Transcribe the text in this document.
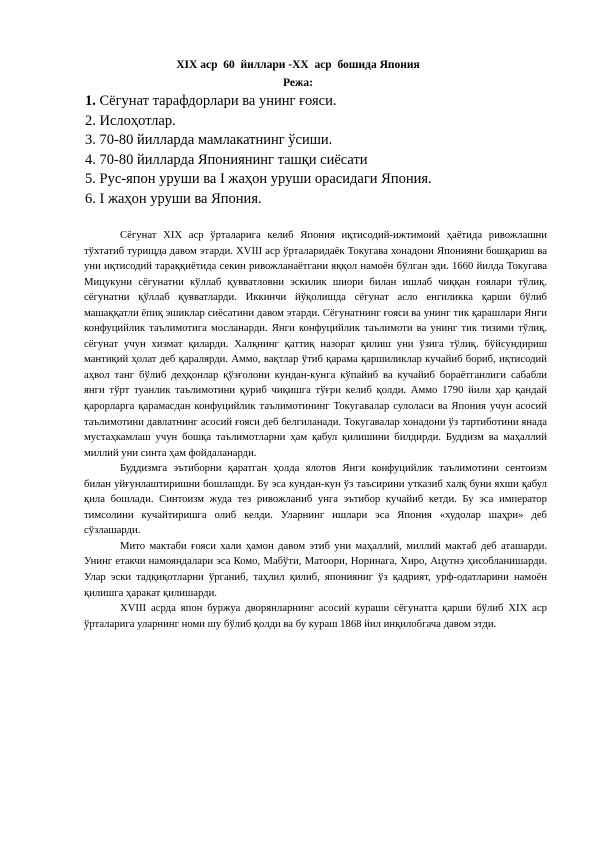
XIX аср  60  йиллари -XX  аср  бошида Япония
Режа:
1. Сёгунат тарафдорлари ва унинг ғояси.
2. Ислоҳотлар.
3. 70-80 йилларда мамлакатнинг ўсиши.
4. 70-80 йилларда Япониянинг ташқи сиёсати
5. Рус-япон уруши ва I жаҳон уруши орасидаги Япония.
6. I жаҳон уруши ва Япония.

Сёгунат XIX аср ўрталарига келиб Япония иқтисодий-ижтимоий ҳаётида ривожлашни тўхтатиб турищда давом этарди. XVIII аср ўрталаридаёк Токугава хонадони Японияни бошқариш ва уни иқтисодий тараққиётида секин ривожланаётгани яққол намоён бўлган эди. 1660 йилда Токугава Мицукуни сёгунатни кўллаб қувватловни эскилик шиори билан ишлаб чиққан ғоялари тўлиқ. сёгунатни қўллаб қувватларди. Иккинчи йўқолишда сёгунат асло енгиликка қарши бўлиб машаққатли ёпиқ эшиклар сиёсатини давом этарди. Сёгунатнинг ғояси ва унинг тик қарашлари Янги конфуцийлик таълимотига мосланарди. Янги конфуцийлик таълимоти ва унинг тик тизими тўлиқ. сёгунат учун хизмат қиларди. Халқнинг қаттиқ назорат қилиш уни ўзига тўлиқ. бўйсундириш мантиқий ҳолат деб қаралярди. Аммо, вақтлар ўтиб қарама қаршиликлар кучайиб бориб, иқтисодий аҳвол танг бўлиб деҳқонлар қўзғолони кундан-кунга кўпайиб ва кучайиб бораётганлиги сабабли янги тўрт туанлик таълимотини қуриб чиқишга тўғри келиб қолди. Аммо 1790 йили ҳар қандай қарорларга қарамасдан конфуцийлик таълимотининг Токугавалар сулоласи ва Япония учун асосий таълимотини давлатнинг асосий ғояси деб белгиланади. Токугавалар хонадони ўз тартиботини янада мустаҳкамлаш учун бошқа таълимотларни ҳам қабул қилишини билдирди. Буддизм ва маҳаллий миллий уни синта ҳам фойдаланарди.

Буддизмга эътиборни қаратган ҳолда ялотов Янги конфуцийлик таълимотини сентоизм билан уйғунлаштиришни бошлашди. Бу эса кундан-кун ўз таъсирини утказиб халқ буни яхши қабул қила бошлади. Синтоизм жуда тез ривожланиб унга эътибор кучайиб кетди. Бу эса император тимсолини кучайтиришга олиб келди. Уларнинг ишлари эса Япония «худолар шаҳри» деб сўзлашарди.

Мито мактаби ғояси хали ҳамон давом этиб уни маҳаллий, миллий мактаб деб аташарди. Унинг етакчи намояндалари эса Комо, Мабўти, Матоори, Норинага, Хиро, Ацутнэ ҳисобланишарди. Улар эски тадқиқотларни ўрганиб, таҳлил қилиб, японияниг ўз қадрият, урф-одатларини намоён қилишга ҳаракат қилишарди.

XVIII асрда япон буржуа дворянларнинг асосий кураши сёгунатга қарши бўлиб XIX аср ўрталарига уларнинг номи шу бўлиб қолди ва бу кураш 1868 йил инқилобгача давом этди.
